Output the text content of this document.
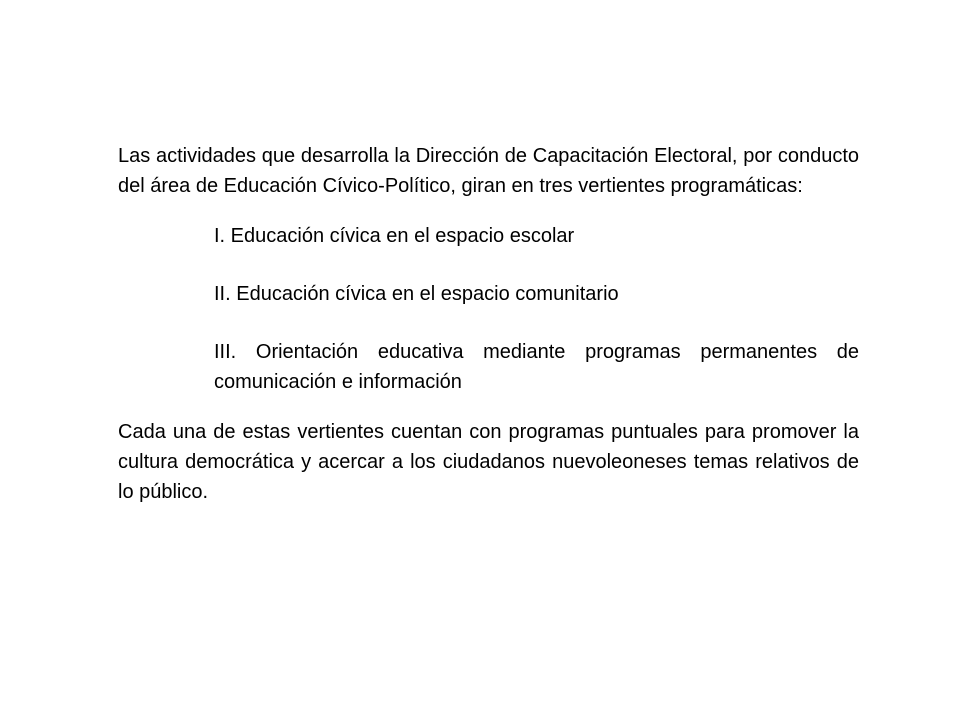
Las actividades que desarrolla la Dirección de Capacitación Electoral, por conducto del área de Educación Cívico-Político, giran en tres vertientes programáticas:

I. Educación cívica en el espacio escolar
II. Educación cívica en el espacio comunitario
III. Orientación educativa mediante programas permanentes de comunicación e información

Cada una de estas vertientes cuentan con programas puntuales para promover la cultura democrática y acercar a los ciudadanos nuevoleoneses temas relativos de lo público.
